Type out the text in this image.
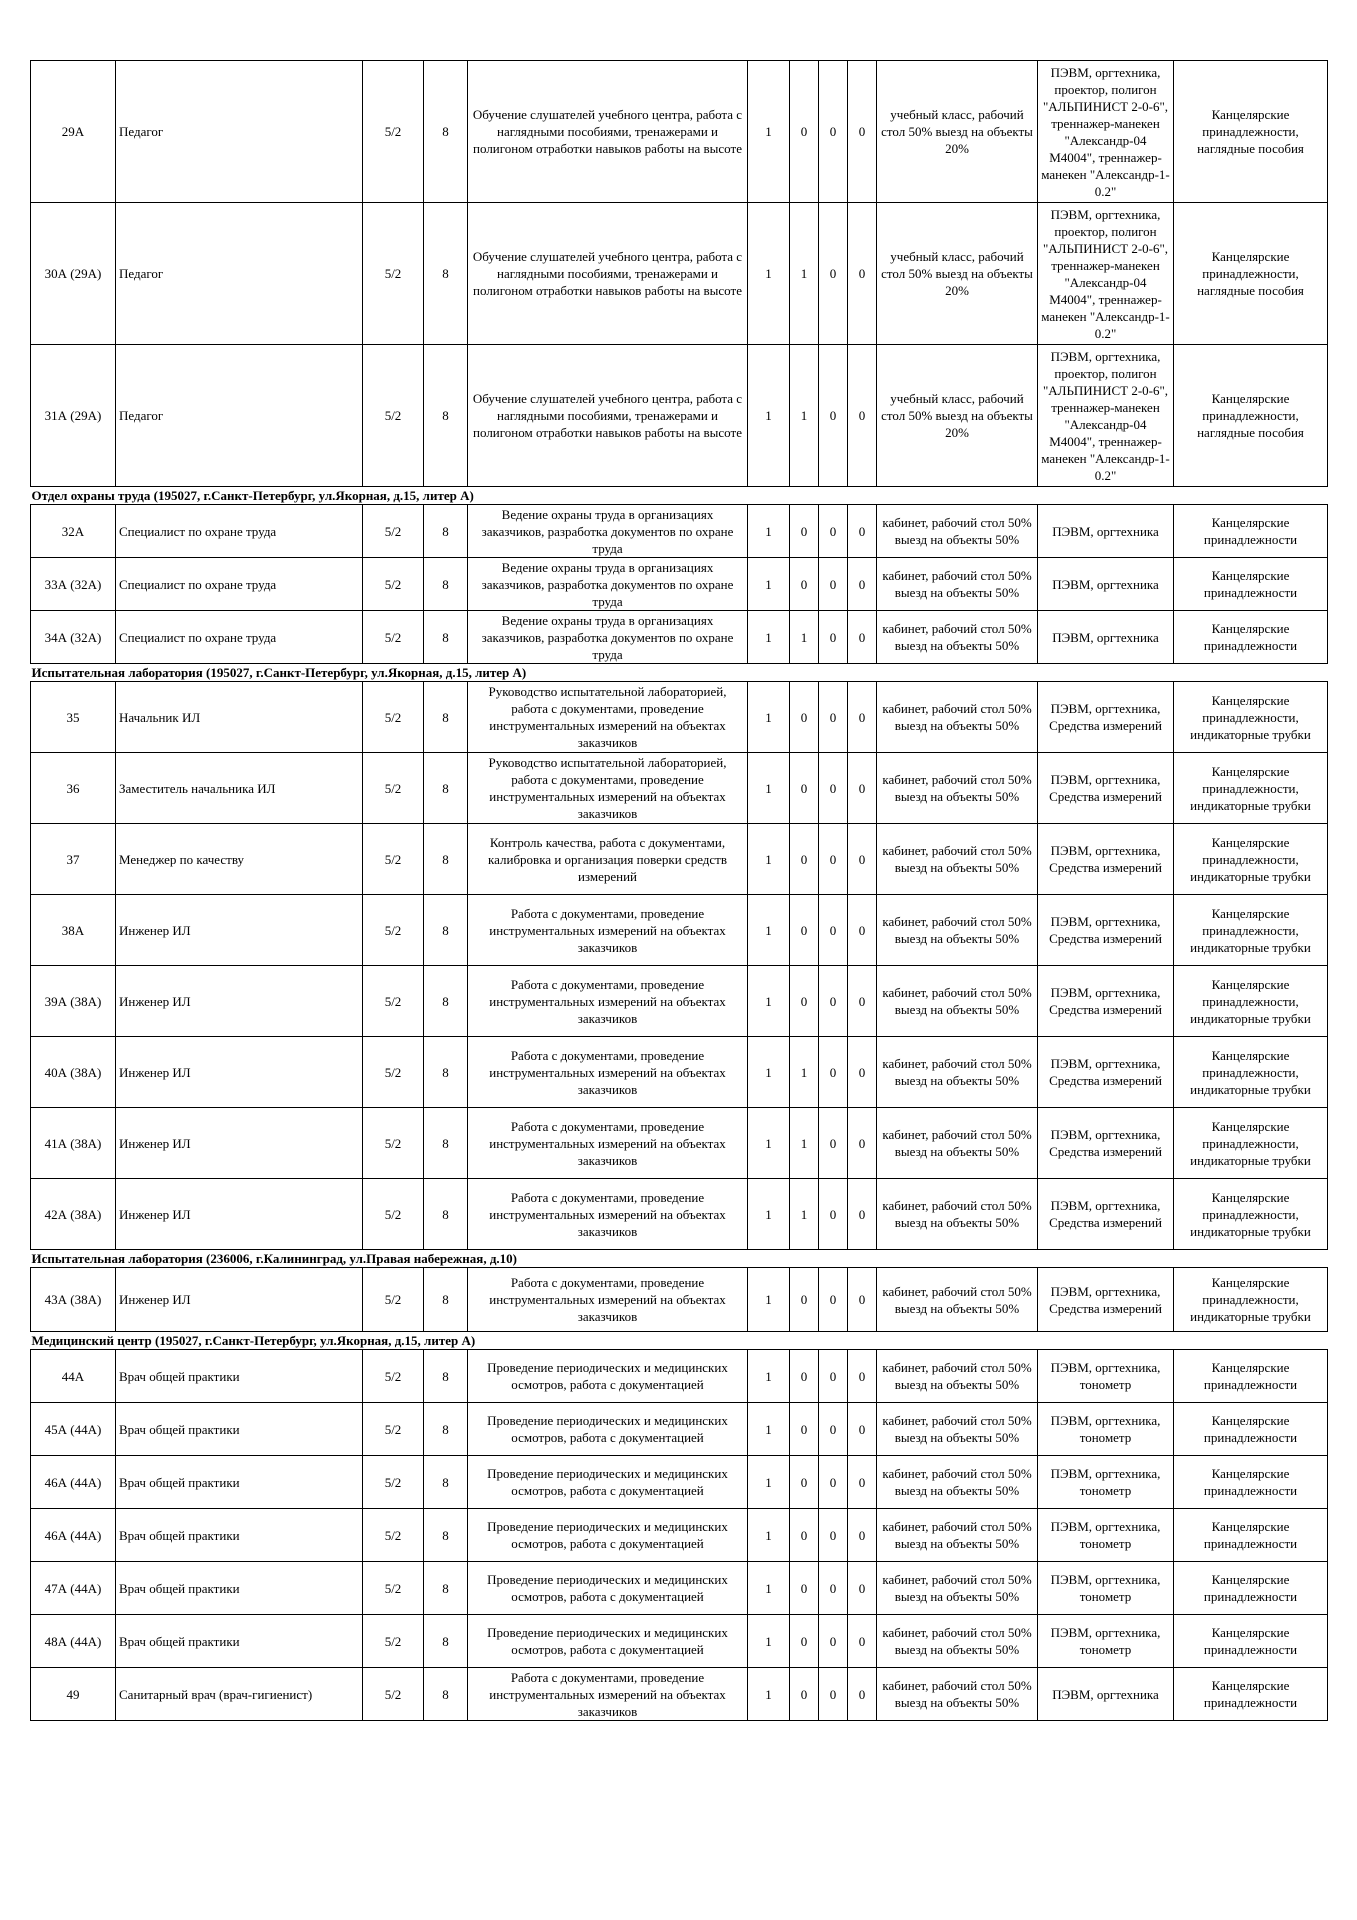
29А	Педагог	5/2	8	Обучение слушателей учебного центра, работа с наглядными пособиями, тренажерами и полигоном отработки навыков работы на высоте	1	0	0	0	учебный класс, рабочий стол 50% выезд на объекты 20%	ПЭВМ, оргтехника, проектор, полигон "АЛЬПИНИСТ 2-0-6", треннажер-манекен "Александр-04 М4004", треннажер-манекен "Александр-1-0.2"	Канцелярские принадлежности, наглядные пособия
30А (29А)	Педагог	5/2	8	Обучение слушателей учебного центра, работа с наглядными пособиями, тренажерами и полигоном отработки навыков работы на высоте	1	1	0	0	учебный класс, рабочий стол 50% выезд на объекты 20%	ПЭВМ, оргтехника, проектор, полигон "АЛЬПИНИСТ 2-0-6", треннажер-манекен "Александр-04 М4004", треннажер-манекен "Александр-1-0.2"	Канцелярские принадлежности, наглядные пособия
31А (29А)	Педагог	5/2	8	Обучение слушателей учебного центра, работа с наглядными пособиями, тренажерами и полигоном отработки навыков работы на высоте	1	1	0	0	учебный класс, рабочий стол 50% выезд на объекты 20%	ПЭВМ, оргтехника, проектор, полигон "АЛЬПИНИСТ 2-0-6", треннажер-манекен "Александр-04 М4004", треннажер-манекен "Александр-1-0.2"	Канцелярские принадлежности, наглядные пособия
Отдел охраны труда (195027, г.Санкт-Петербург, ул.Якорная, д.15, литер А)											
32А	Специалист по охране труда	5/2	8	Ведение охраны труда в организациях заказчиков, разработка документов по охране труда	1	0	0	0	кабинет, рабочий стол 50% выезд на объекты 50%	ПЭВМ, оргтехника	Канцелярские принадлежности
33А (32А)	Специалист по охране труда	5/2	8	Ведение охраны труда в организациях заказчиков, разработка документов по охране труда	1	0	0	0	кабинет, рабочий стол 50% выезд на объекты 50%	ПЭВМ, оргтехника	Канцелярские принадлежности
34А (32А)	Специалист по охране труда	5/2	8	Ведение охраны труда в организациях заказчиков, разработка документов по охране труда	1	1	0	0	кабинет, рабочий стол 50% выезд на объекты 50%	ПЭВМ, оргтехника	Канцелярские принадлежности
Испытательная лаборатория (195027, г.Санкт-Петербург, ул.Якорная, д.15, литер А)											
35	Начальник ИЛ	5/2	8	Руководство испытательной лабораторией, работа с документами, проведение инструментальных измерений на объектах заказчиков	1	0	0	0	кабинет, рабочий стол 50% выезд на объекты 50%	ПЭВМ, оргтехника, Средства измерений	Канцелярские принадлежности, индикаторные трубки
36	Заместитель начальника ИЛ	5/2	8	Руководство испытательной лабораторией, работа с документами, проведение инструментальных измерений на объектах заказчиков	1	0	0	0	кабинет, рабочий стол 50% выезд на объекты 50%	ПЭВМ, оргтехника, Средства измерений	Канцелярские принадлежности, индикаторные трубки
37	Менеджер по качеству	5/2	8	Контроль качества, работа с документами, калибровка и организация поверки средств измерений	1	0	0	0	кабинет, рабочий стол 50% выезд на объекты 50%	ПЭВМ, оргтехника, Средства измерений	Канцелярские принадлежности, индикаторные трубки
38А	Инженер ИЛ	5/2	8	Работа с документами, проведение инструментальных измерений на объектах заказчиков	1	0	0	0	кабинет, рабочий стол 50% выезд на объекты 50%	ПЭВМ, оргтехника, Средства измерений	Канцелярские принадлежности, индикаторные трубки
39А (38А)	Инженер ИЛ	5/2	8	Работа с документами, проведение инструментальных измерений на объектах заказчиков	1	0	0	0	кабинет, рабочий стол 50% выезд на объекты 50%	ПЭВМ, оргтехника, Средства измерений	Канцелярские принадлежности, индикаторные трубки
40А (38А)	Инженер ИЛ	5/2	8	Работа с документами, проведение инструментальных измерений на объектах заказчиков	1	1	0	0	кабинет, рабочий стол 50% выезд на объекты 50%	ПЭВМ, оргтехника, Средства измерений	Канцелярские принадлежности, индикаторные трубки
41А (38А)	Инженер ИЛ	5/2	8	Работа с документами, проведение инструментальных измерений на объектах заказчиков	1	1	0	0	кабинет, рабочий стол 50% выезд на объекты 50%	ПЭВМ, оргтехника, Средства измерений	Канцелярские принадлежности, индикаторные трубки
42А (38А)	Инженер ИЛ	5/2	8	Работа с документами, проведение инструментальных измерений на объектах заказчиков	1	1	0	0	кабинет, рабочий стол 50% выезд на объекты 50%	ПЭВМ, оргтехника, Средства измерений	Канцелярские принадлежности, индикаторные трубки
Испытательная лаборатория (236006, г.Калининград, ул.Правая набережная, д.10)											
43А (38А)	Инженер ИЛ	5/2	8	Работа с документами, проведение инструментальных измерений на объектах заказчиков	1	0	0	0	кабинет, рабочий стол 50% выезд на объекты 50%	ПЭВМ, оргтехника, Средства измерений	Канцелярские принадлежности, индикаторные трубки
Медицинский центр (195027, г.Санкт-Петербург, ул.Якорная, д.15, литер А)											
44А	Врач общей практики	5/2	8	Проведение периодических и медицинских осмотров, работа с документацией	1	0	0	0	кабинет, рабочий стол 50% выезд на объекты 50%	ПЭВМ, оргтехника, тонометр	Канцелярские принадлежности
45А (44А)	Врач общей практики	5/2	8	Проведение периодических и медицинских осмотров, работа с документацией	1	0	0	0	кабинет, рабочий стол 50% выезд на объекты 50%	ПЭВМ, оргтехника, тонометр	Канцелярские принадлежности
46А (44А)	Врач общей практики	5/2	8	Проведение периодических и медицинских осмотров, работа с документацией	1	0	0	0	кабинет, рабочий стол 50% выезд на объекты 50%	ПЭВМ, оргтехника, тонометр	Канцелярские принадлежности
46А (44А)	Врач общей практики	5/2	8	Проведение периодических и медицинских осмотров, работа с документацией	1	0	0	0	кабинет, рабочий стол 50% выезд на объекты 50%	ПЭВМ, оргтехника, тонометр	Канцелярские принадлежности
47А (44А)	Врач общей практики	5/2	8	Проведение периодических и медицинских осмотров, работа с документацией	1	0	0	0	кабинет, рабочий стол 50% выезд на объекты 50%	ПЭВМ, оргтехника, тонометр	Канцелярские принадлежности
48А (44А)	Врач общей практики	5/2	8	Проведение периодических и медицинских осмотров, работа с документацией	1	0	0	0	кабинет, рабочий стол 50% выезд на объекты 50%	ПЭВМ, оргтехника, тонометр	Канцелярские принадлежности
49	Санитарный врач (врач-гигиенист)	5/2	8	Работа с документами, проведение инструментальных измерений на объектах заказчиков	1	0	0	0	кабинет, рабочий стол 50% выезд на объекты 50%	ПЭВМ, оргтехника	Канцелярские принадлежности
